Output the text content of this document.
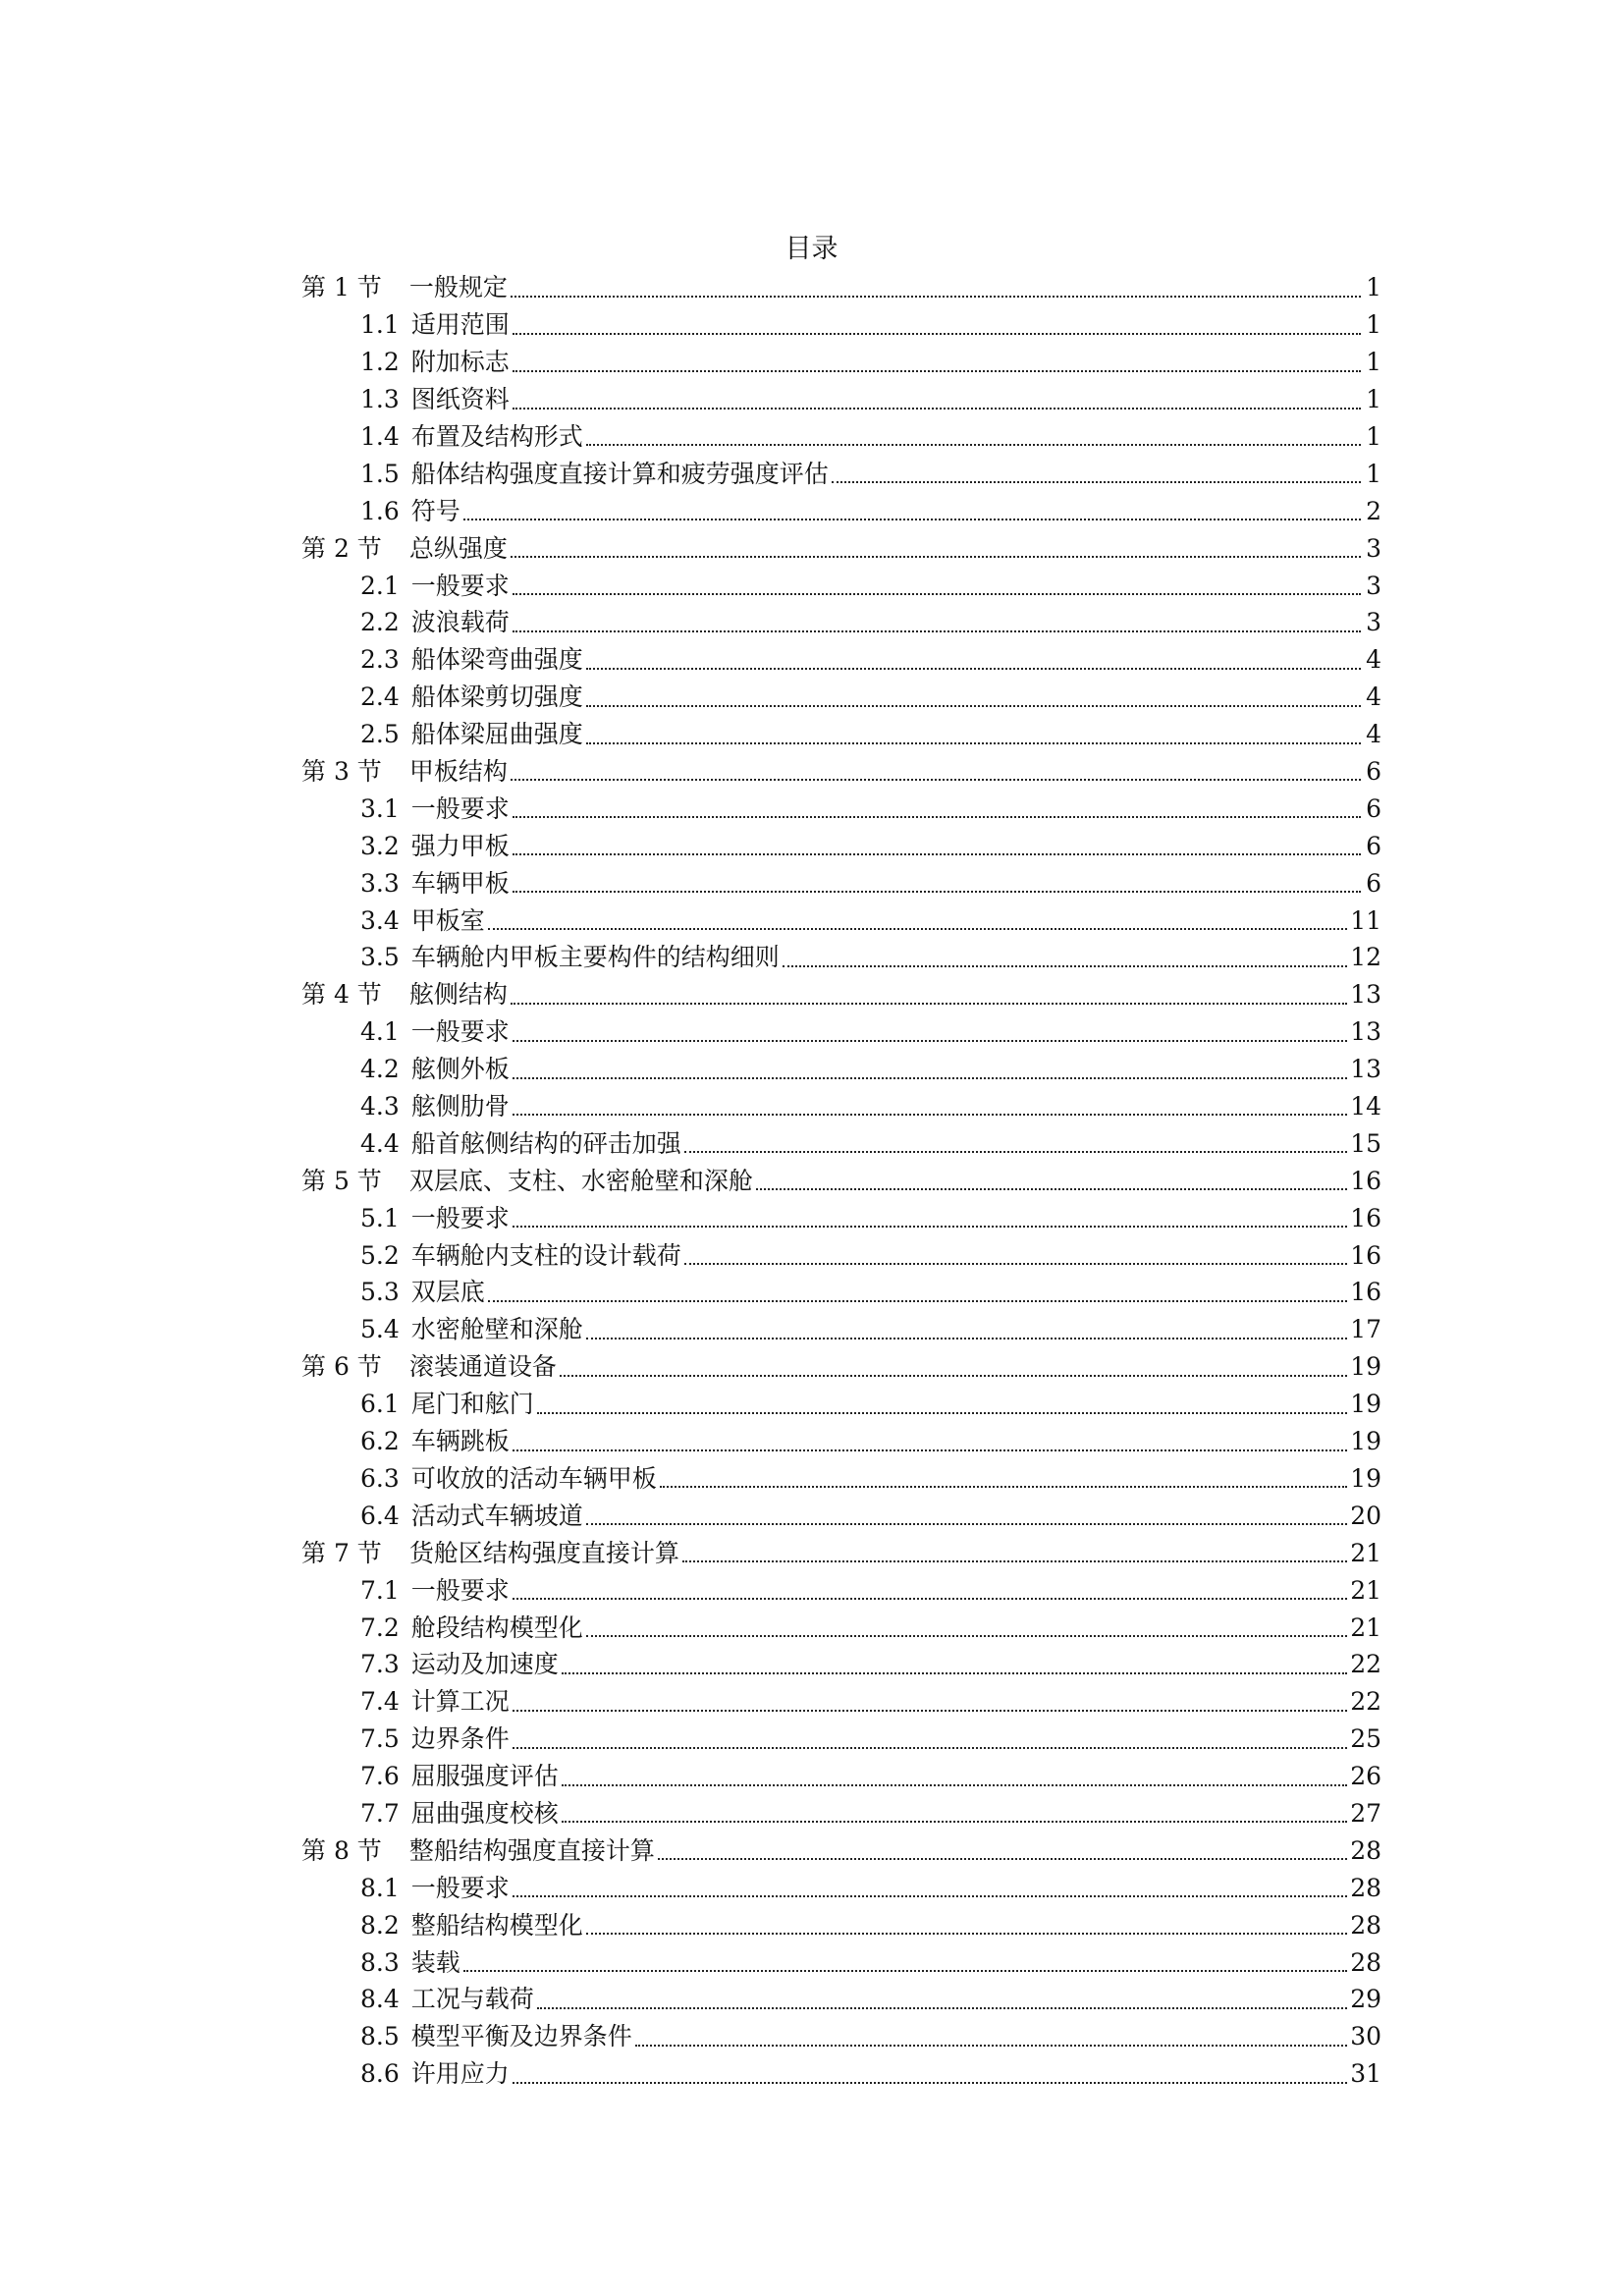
目录
第 1 节 一般规定	1
1.1 适用范围	1
1.2 附加标志	1
1.3 图纸资料	1
1.4 布置及结构形式	1
1.5 船体结构强度直接计算和疲劳强度评估	1
1.6 符号	2
第 2 节 总纵强度	3
2.1 一般要求	3
2.2 波浪载荷	3
2.3 船体梁弯曲强度	4
2.4 船体梁剪切强度	4
2.5 船体梁屈曲强度	4
第 3 节 甲板结构	6
3.1 一般要求	6
3.2 强力甲板	6
3.3 车辆甲板	6
3.4 甲板室	11
3.5 车辆舱内甲板主要构件的结构细则	12
第 4 节 舷侧结构	13
4.1 一般要求	13
4.2 舷侧外板	13
4.3 舷侧肋骨	14
4.4 船首舷侧结构的砰击加强	15
第 5 节 双层底、支柱、水密舱壁和深舱	16
5.1 一般要求	16
5.2 车辆舱内支柱的设计载荷	16
5.3 双层底	16
5.4 水密舱壁和深舱	17
第 6 节 滚装通道设备	19
6.1 尾门和舷门	19
6.2 车辆跳板	19
6.3 可收放的活动车辆甲板	19
6.4 活动式车辆坡道	20
第 7 节 货舱区结构强度直接计算	21
7.1 一般要求	21
7.2 舱段结构模型化	21
7.3 运动及加速度	22
7.4 计算工况	22
7.5 边界条件	25
7.6 屈服强度评估	26
7.7 屈曲强度校核	27
第 8 节 整船结构强度直接计算	28
8.1 一般要求	28
8.2 整船结构模型化	28
8.3 装载	28
8.4 工况与载荷	29
8.5 模型平衡及边界条件	30
8.6 许用应力	31
